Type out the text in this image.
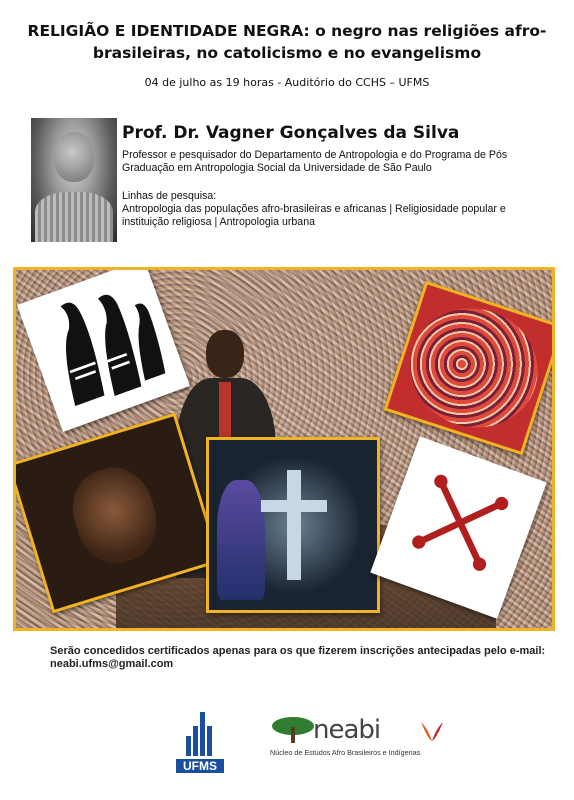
RELIGIÃO E IDENTIDADE NEGRA: o negro nas religiões afro-brasileiras, no catolicismo e no evangelismo
04 de julho as 19 horas - Auditório do CCHS – UFMS
Prof. Dr. Vagner Gonçalves da Silva
Professor e pesquisador do Departamento de Antropologia e do Programa de Pós Graduação em Antropologia Social da Universidade de São Paulo
Linhas de pesquisa:
Antropologia das populações afro-brasileiras e africanas | Religiosidade popular e instituição religiosa | Antropologia urbana
Serão concedidos certificados apenas para os que fizerem inscrições antecipadas pelo e-mail: neabi.ufms@gmail.com
UFMS
neabi
Núcleo de Estudos Afro Brasileiros e Indígenas
